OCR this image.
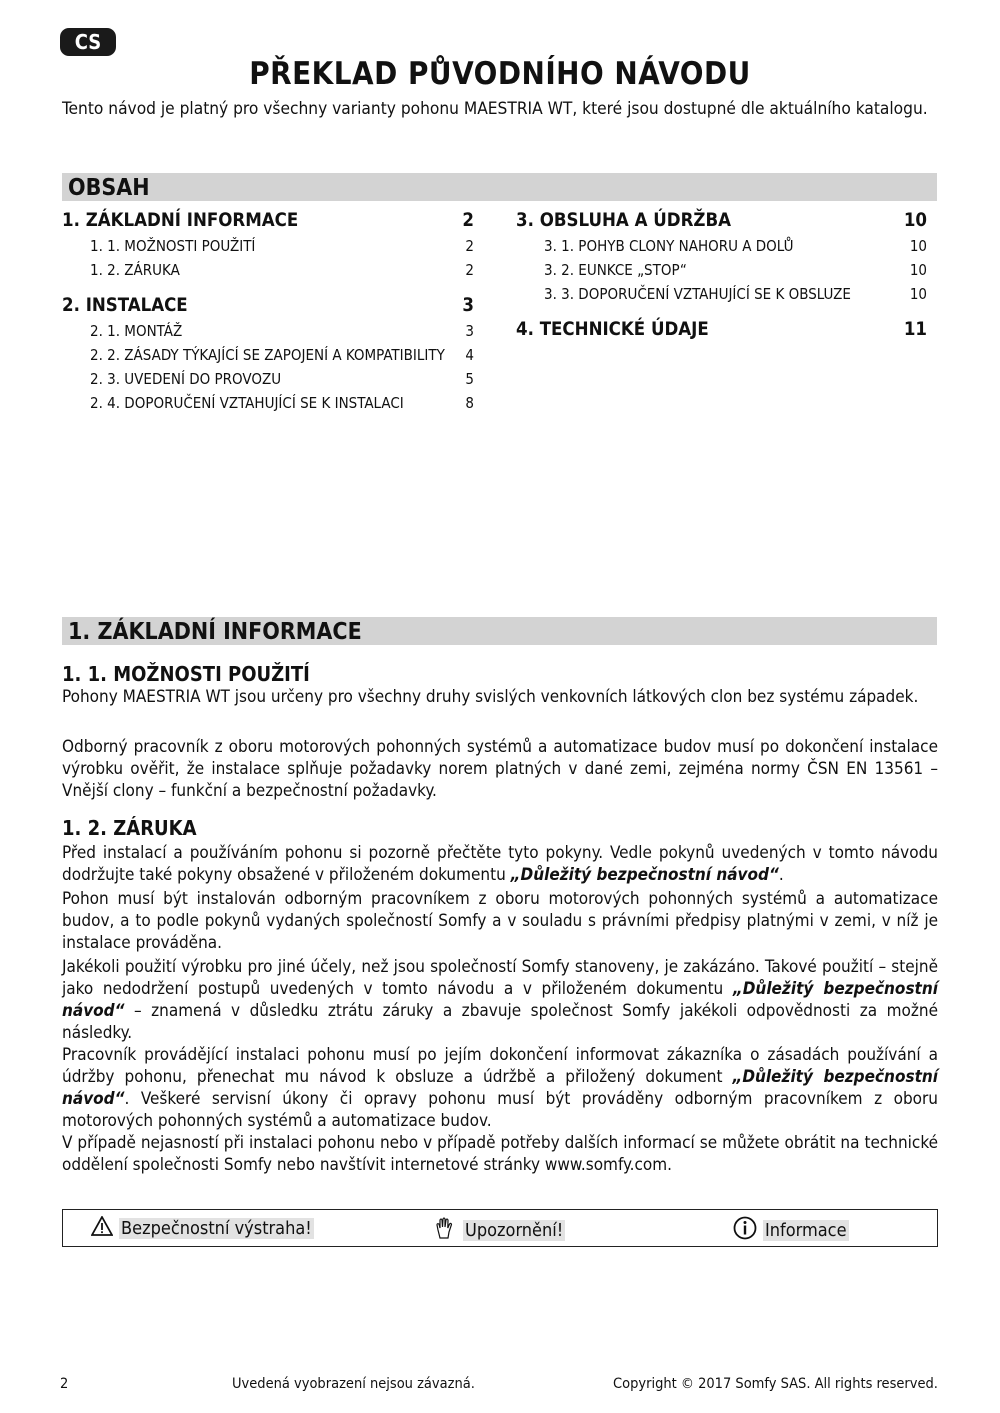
CS
PŘEKLAD PŮVODNÍHO NÁVODU
Tento návod je platný pro všechny varianty pohonu MAESTRIA WT, které jsou dostupné dle aktuálního katalogu.
OBSAH
1. ZÁKLADNÍ INFORMACE	2
1. 1. MOŽNOSTI POUŽITÍ	2
1. 2. ZÁRUKA	2
2. INSTALACE	3
2. 1. MONTÁŽ	3
2. 2. ZÁSADY TÝKAJÍCÍ SE ZAPOJENÍ A KOMPATIBILITY 4
2. 3. UVEDENÍ DO PROVOZU	5
2. 4. DOPORUČENÍ VZTAHUJÍCÍ SE K INSTALACI	8
3. OBSLUHA A ÚDRŽBA	10
3. 1. POHYB CLONY NAHORU A DOLŮ	10
3. 2. EUNKCE „STOP“	10
3. 3. DOPORUČENÍ VZTAHUJÍCÍ SE K OBSLUZE	10
4. TECHNICKÉ ÚDAJE	11
1. ZÁKLADNÍ INFORMACE
1. 1. MOŽNOSTI POUŽITÍ

Pohony MAESTRIA WT jsou určeny pro všechny druhy svislých venkovních látkových clon bez systému západek.

Odborný pracovník z oboru motorových pohonných systémů a automatizace budov musí po dokončení instalace výrobku ověřit, že instalace splňuje požadavky norem platných v dané zemi, zejména normy ČSN EN 13561 – Vnější clony – funkční a bezpečnostní požadavky.

1. 2. ZÁRUKA

Před instalací a používáním pohonu si pozorně přečtěte tyto pokyny. Vedle pokynů uvedených v tomto návodu dodržujte také pokyny obsažené v přiloženém dokumentu „Důležitý bezpečnostní návod“.

Pohon musí být instalován odborným pracovníkem z oboru motorových pohonných systémů a automatizace budov, a to podle pokynů vydaných společností Somfy a v souladu s právními předpisy platnými v zemi, v níž je instalace prováděna.

Jakékoli použití výrobku pro jiné účely, než jsou společností Somfy stanoveny, je zakázáno. Takové použití – stejně jako nedodržení postupů uvedených v tomto návodu a v přiloženém dokumentu „Důležitý bezpečnostní návod“ – znamená v důsledku ztrátu záruky a zbavuje společnost Somfy jakékoli odpovědnosti za možné následky.

Pracovník provádějící instalaci pohonu musí po jejím dokončení informovat zákazníka o zásadách používání a údržby pohonu, přenechat mu návod k obsluze a údržbě a přiložený dokument „Důležitý bezpečnostní návod“. Veškeré servisní úkony či opravy pohonu musí být prováděny odborným pracovníkem z oboru motorových pohonných systémů a automatizace budov.

V případě nejasností při instalaci pohonu nebo v případě potřeby dalších informací se můžete obrátit na technické oddělení společnosti Somfy nebo navštívit internetové stránky www.somfy.com.

Bezpečnostní výstraha!	Upozornění!	Informace
2	Uvedená vyobrazení nejsou závazná.	Copyright © 2017 Somfy SAS. All rights reserved.
